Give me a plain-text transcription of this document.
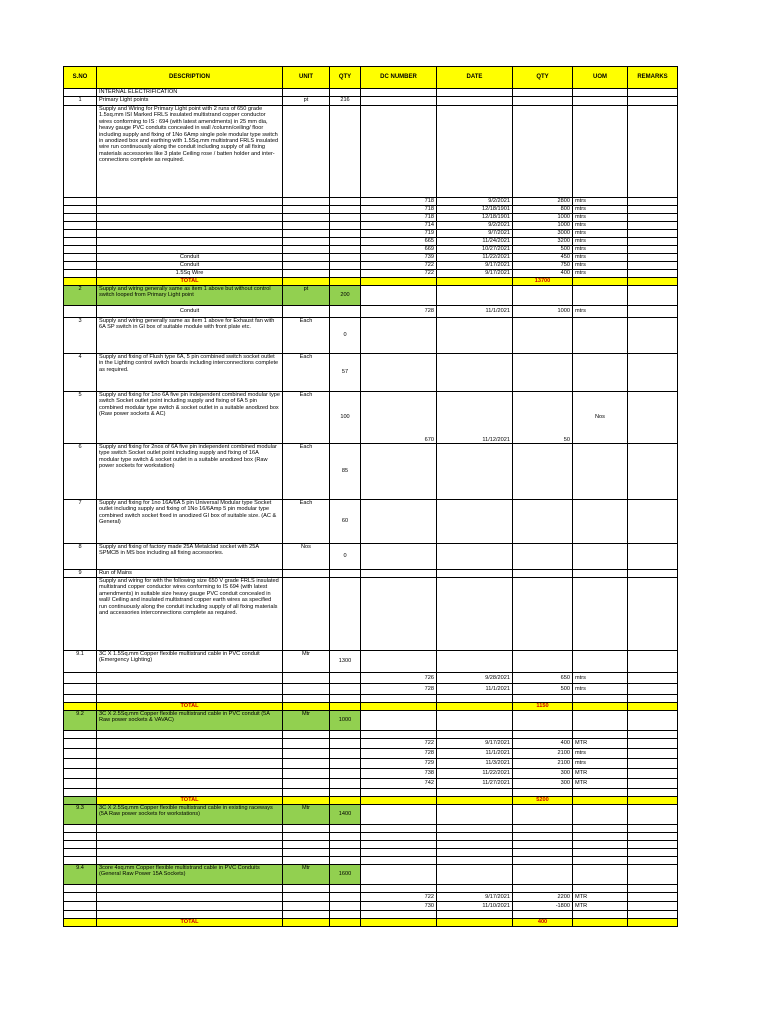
S.NO	DESCRIPTION	UNIT	QTY	DC NUMBER	DATE	QTY	UOM	REMARKS
	INTERNAL ELECTRIFICATION							
1	Primary Light points	pt	216					
	Supply and Wiring for Primary Light point with 2 runs of 650 grade 1.5sq.mm ISI Marked FRLS insulated multistrand copper conductor wires conforming to IS : 694 (with latest amendments) in 25 mm dia, heavy gauge PVC conduits concealed in wall /column/ceiling/ floor including supply and fixing of 1No 6Amp single pole modular type switch in anodized box and earthing with 1.5Sq.mm multistrand FRLS insulated wire run continuously along the conduit including supply of all fixing materials accessories like 3 plate Ceiling rose / batten holder and inter-connections complete as required.							
				718	9/2/2021	2800	mtrs	
				718	12/18/1901	800	mtrs	
				718	12/18/1901	1000	mtrs	
				714	9/2/2021	1000	mtrs	
				719	9/7/2021	3000	mtrs	
				665	11/24/2021	3200	mtrs	
				669	10/27/2021	500	mtrs	
	Conduit			739	11/22/2021	450	mtrs	
	Conduit			722	9/17/2021	750	mtrs	
	1.5Sq Wire			722	9/17/2021	400	mtrs	
	TOTAL					13700		
2	Supply and wiring generally same as item 1 above but without control switch looped from Primary Light point	pt	200					
	Conduit			728	11/1/2021	1000	mtrs	
3	Supply and wiring generally same as item 1 above for Exhaust fan with 6A SP switch in GI box of suitable module with front plate etc.	Each	0					
4	Supply and fixing of Flush type 6A, 5 pin combined switch socket outlet in the Lighting control switch boards including interconnections complete as required.	Each	57					
5	Supply and fixing for 1no 6A five pin independent combined modular type switch Socket outlet point including supply and fixing of 6A 5 pin combined modular type switch & socket outlet in a suitable anodized box (Raw power sockets & AC)	Each	100	670	11/12/2021	50	Nos	
6	Supply and fixing for 2nos of 6A five pin independent combined modular type switch Socket outlet point including supply and fixing of 16A modular type switch & socket outlet in a suitable anodized box (Raw power sockets for workstation)	Each	85					
7	Supply and fixing for 1no 16A/6A 5 pin Universal Modular type Socket outlet including supply and fixing of 1No 16/6Amp 5 pin modular type combined switch socket fixed in anodized GI box of suitable size. (AC & General)	Each	60					
8	Supply and fixing of factory made 25A Metalclad socket with 25A SPMCB in MS box including all fixing accessories.	Nos	0					
9	Run of Mains							
	Supply and wiring for with the following size 650 V grade FRLS insulated multistrand copper conductor wires conforming to IS 694 (with latest amendments) in suitable size heavy gauge PVC conduit concealed in wall/ Ceiling and insulated multistrand copper earth wires as specified run continuously along the conduit including supply of all fixing materials and accessories interconnections complete as required.							
9.1	3C X 1.5Sq.mm Copper flexible multistrand cable in PVC conduit (Emergency Lighting)	Mtr	1300					
				726	9/28/2021	650	mtrs	
				728	11/1/2021	500	mtrs	

	TOTAL					1150		
9.2	3C X 2.5Sq.mm Copper flexible multistrand cable in PVC conduit (5A Raw power sockets & VAVAC)	Mtr	1000					

				722	9/17/2021	400	MTR	
				728	11/1/2021	2100	mtrs	
				729	11/3/2021	2100	mtrs	
				738	11/22/2021	300	MTR	
				742	11/27/2021	300	MTR	

	TOTAL					5200		
9.3	3C X 2.5Sq.mm Copper flexible multistrand cable in existing raceways (5A Raw power sockets for workstations)	Mtr	1400					

9.4	3core 4sq.mm Copper flexible multistrand cable in PVC Conduits (General Raw Power 15A Sockets)	Mtr	1600					

				722	9/17/2021	2200	MTR	
				730	11/10/2021	-1800	MTR	

	TOTAL					400		
